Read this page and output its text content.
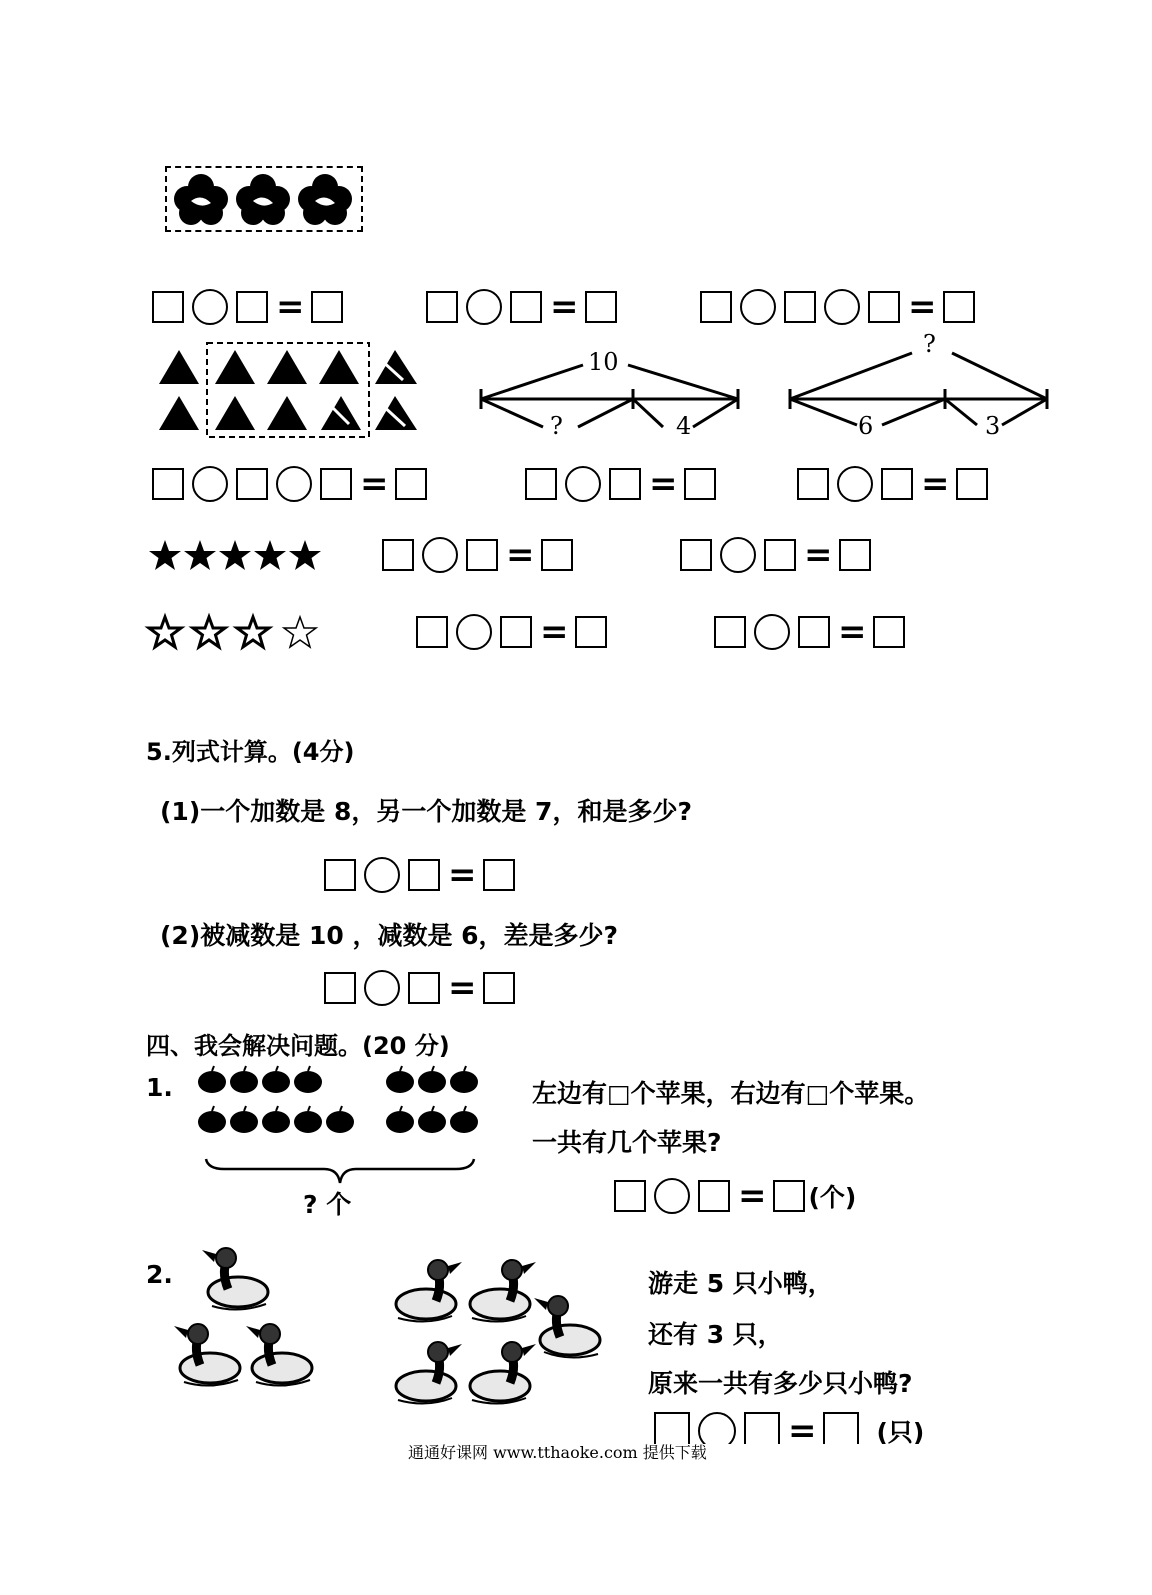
=	=	=
10
?	4
?
6	3
=	=	=
=	=
=	=
5.列式计算。(4分)
(1)一个加数是 8，另一个加数是 7，和是多少?
=
(2)被减数是 10 ，减数是 6，差是多少?
=
四、我会解决问题。(20 分)
1.
? 个
左边有□个苹果，右边有□个苹果。
一共有几个苹果?
= (个)
2.	游走 5 只小鸭，
还有 3 只，
原来一共有多少只小鸭?
= (只)
通通好课网 www.tthaoke.com 提供下载
